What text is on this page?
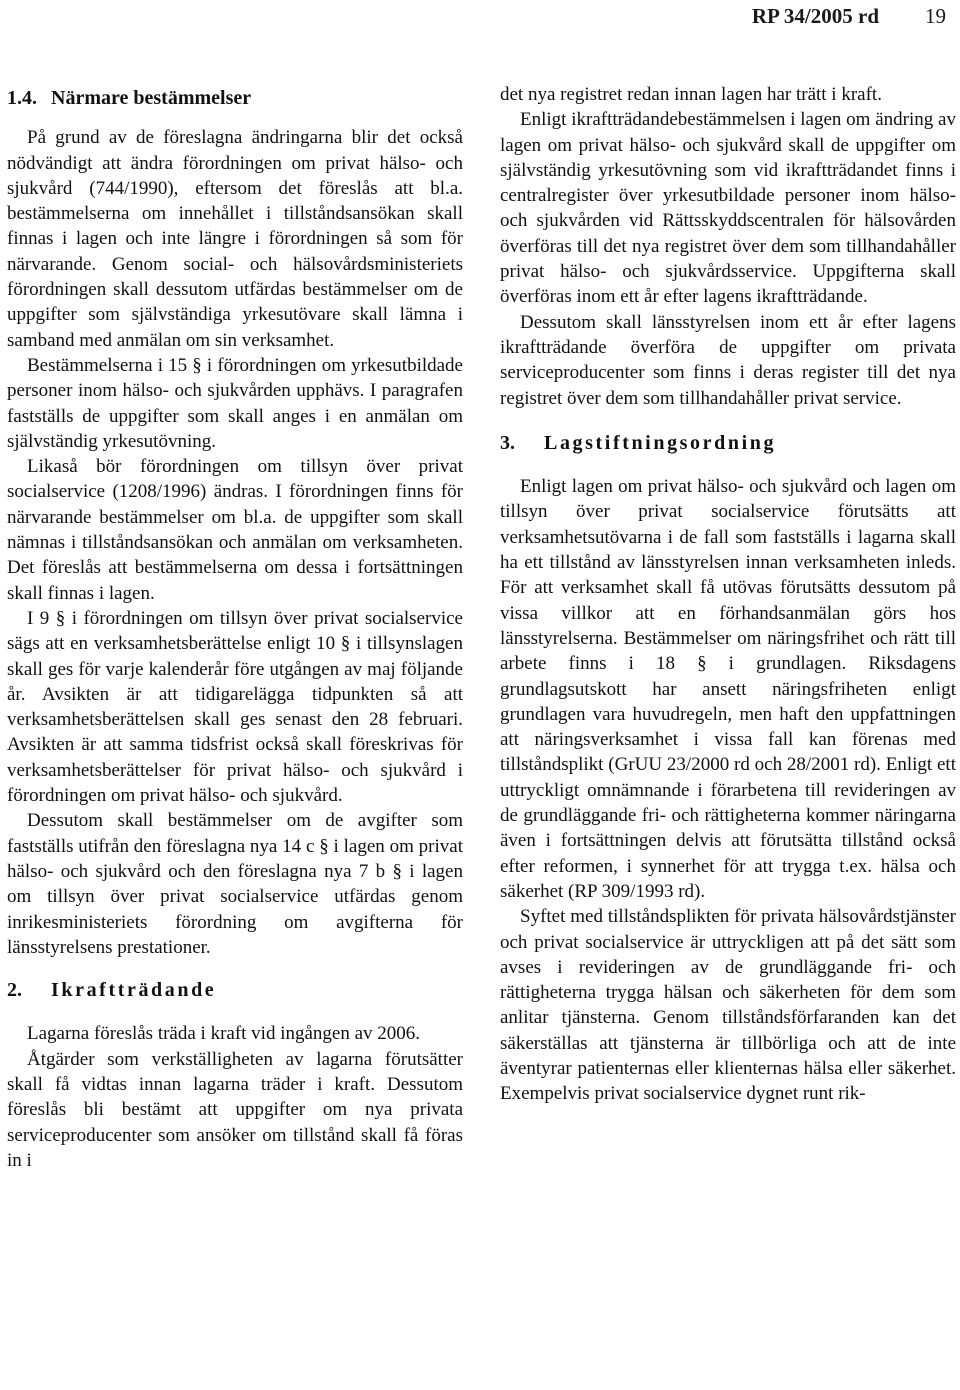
RP 34/2005 rd 19
1.4. Närmare bestämmelser

På grund av de föreslagna ändringarna blir det också nödvändigt att ändra förordningen om privat hälso- och sjukvård (744/1990), eftersom det föreslås att bl.a. bestämmelserna om innehållet i tillståndsansökan skall finnas i lagen och inte längre i förordningen så som för närvarande. Genom social- och hälsovårdsministeriets förordningen skall dessutom utfärdas bestämmelser om de uppgifter som självständiga yrkesutövare skall lämna i samband med anmälan om sin verksamhet.

Bestämmelserna i 15 § i förordningen om yrkesutbildade personer inom hälso- och sjukvården upphävs. I paragrafen fastställs de uppgifter som skall anges i en anmälan om självständig yrkesutövning.

Likaså bör förordningen om tillsyn över privat socialservice (1208/1996) ändras. I förordningen finns för närvarande bestämmelser om bl.a. de uppgifter som skall nämnas i tillståndsansökan och anmälan om verksamheten. Det föreslås att bestämmelserna om dessa i fortsättningen skall finnas i lagen.

I 9 § i förordningen om tillsyn över privat socialservice sägs att en verksamhetsberättelse enligt 10 § i tillsynslagen skall ges för varje kalenderår före utgången av maj följande år. Avsikten är att tidigarelägga tidpunkten så att verksamhetsberättelsen skall ges senast den 28 februari. Avsikten är att samma tidsfrist också skall föreskrivas för verksamhetsberättelser för privat hälso- och sjukvård i förordningen om privat hälso- och sjukvård.

Dessutom skall bestämmelser om de avgifter som fastställs utifrån den föreslagna nya 14 c § i lagen om privat hälso- och sjukvård och den föreslagna nya 7 b § i lagen om tillsyn över privat socialservice utfärdas genom inrikesministeriets förordning om avgifterna för länsstyrelsens prestationer.

2. Ikraftträdande

Lagarna föreslås träda i kraft vid ingången av 2006.

Åtgärder som verkställigheten av lagarna förutsätter skall få vidtas innan lagarna träder i kraft. Dessutom föreslås bli bestämt att uppgifter om nya privata serviceproducenter som ansöker om tillstånd skall få föras in i

det nya registret redan innan lagen har trätt i kraft.

Enligt ikraftträdandebestämmelsen i lagen om ändring av lagen om privat hälso- och sjukvård skall de uppgifter om självständig yrkesutövning som vid ikraftträdandet finns i centralregister över yrkesutbildade personer inom hälso- och sjukvården vid Rättsskyddscentralen för hälsovården överföras till det nya registret över dem som tillhandahåller privat hälso- och sjukvårdsservice. Uppgifterna skall överföras inom ett år efter lagens ikraftträdande.

Dessutom skall länsstyrelsen inom ett år efter lagens ikraftträdande överföra de uppgifter om privata serviceproducenter som finns i deras register till det nya registret över dem som tillhandahåller privat service.

3. Lagstiftningsordning

Enligt lagen om privat hälso- och sjukvård och lagen om tillsyn över privat socialservice förutsätts att verksamhetsutövarna i de fall som fastställs i lagarna skall ha ett tillstånd av länsstyrelsen innan verksamheten inleds. För att verksamhet skall få utövas förutsätts dessutom på vissa villkor att en förhandsanmälan görs hos länsstyrelserna. Bestämmelser om näringsfrihet och rätt till arbete finns i 18 § i grundlagen. Riksdagens grundlagsutskott har ansett näringsfriheten enligt grundlagen vara huvudregeln, men haft den uppfattningen att näringsverksamhet i vissa fall kan förenas med tillståndsplikt (GrUU 23/2000 rd och 28/2001 rd). Enligt ett uttryckligt omnämnande i förarbetena till revideringen av de grundläggande fri- och rättigheterna kommer näringarna även i fortsättningen delvis att förutsätta tillstånd också efter reformen, i synnerhet för att trygga t.ex. hälsa och säkerhet (RP 309/1993 rd).

Syftet med tillståndsplikten för privata hälsovårdstjänster och privat socialservice är uttryckligen att på det sätt som avses i revideringen av de grundläggande fri- och rättigheterna trygga hälsan och säkerheten för dem som anlitar tjänsterna. Genom tillståndsförfaranden kan det säkerställas att tjänsterna är tillbörliga och att de inte äventyrar patienternas eller klienternas hälsa eller säkerhet. Exempelvis privat socialservice dygnet runt rik-
